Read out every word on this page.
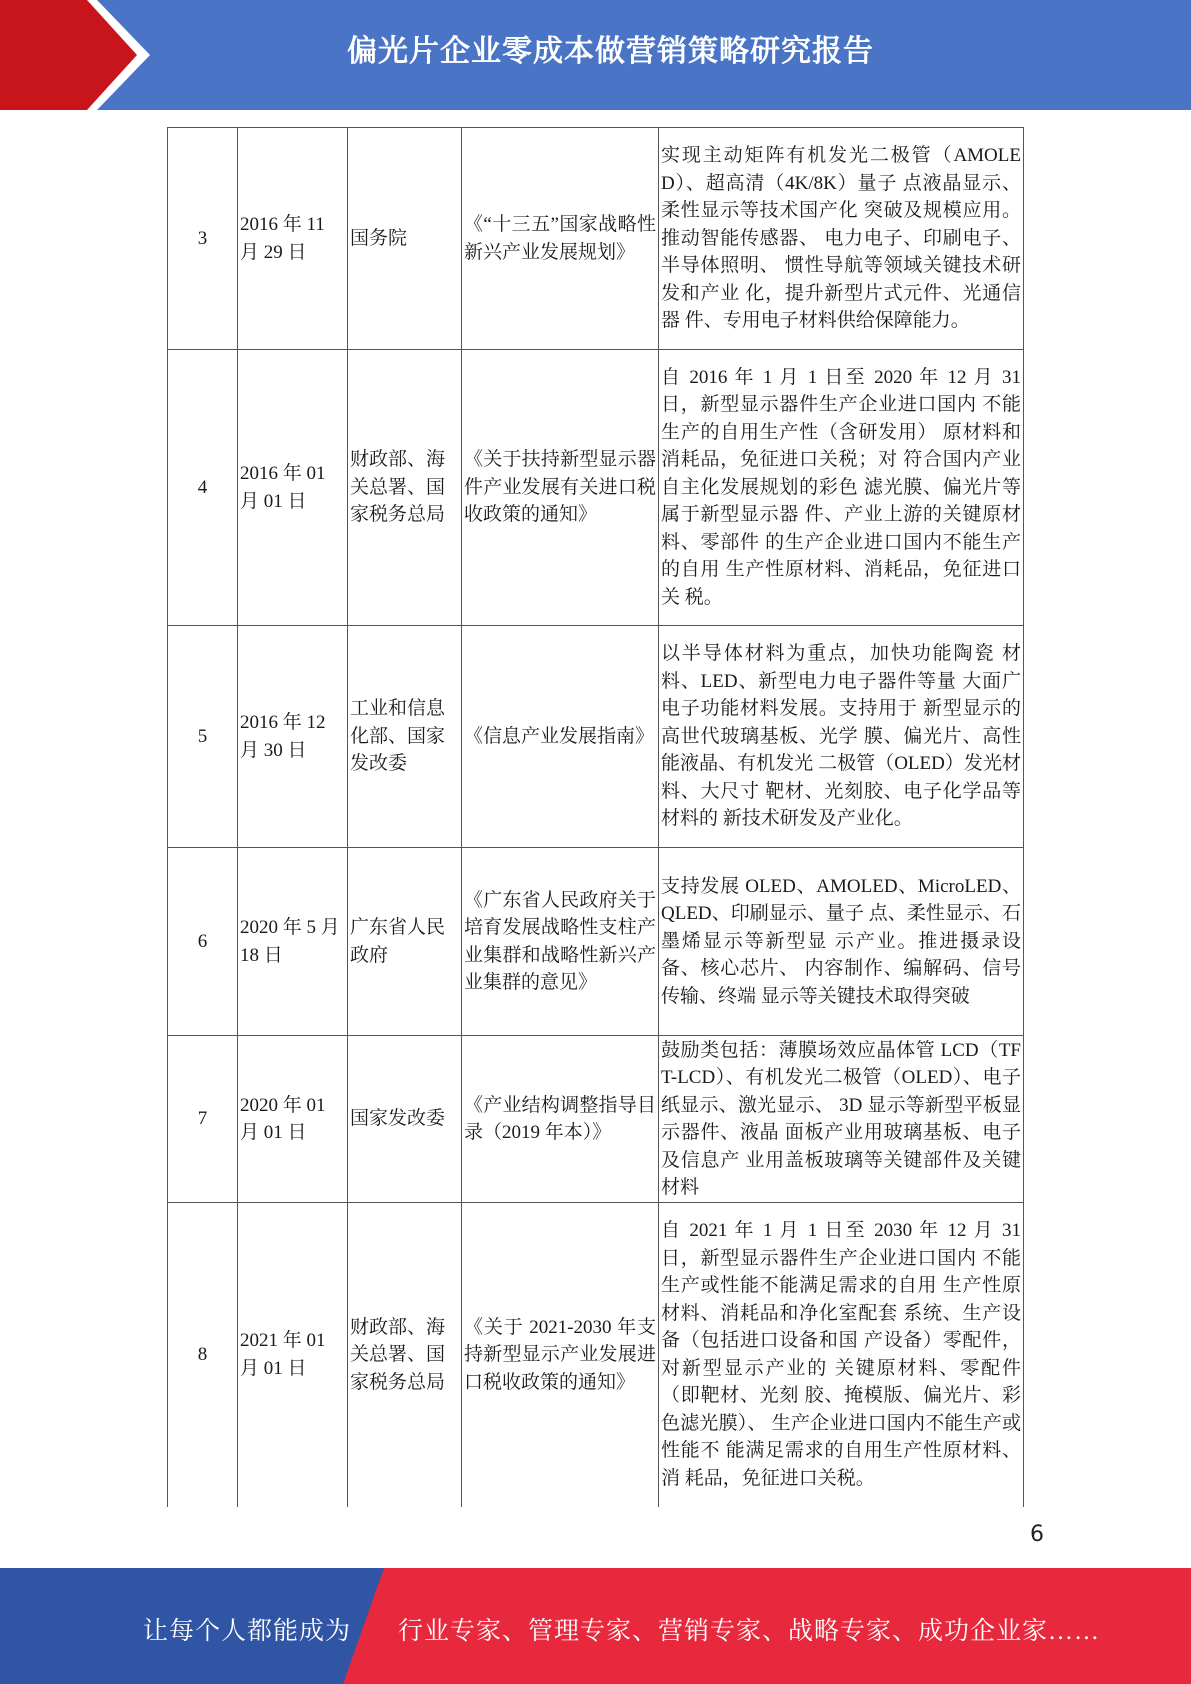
偏光片企业零成本做营销策略研究报告
3	2016 年 11 月 29 日	国务院	《“十三五”国家战略性新兴产业发展规划》	实现主动矩阵有机发光二极管（AMOLED）、超高清（4K/8K）量子 点液晶显示、柔性显示等技术国产化 突破及规模应用。推动智能传感器、 电力电子、印刷电子、半导体照明、 惯性导航等领域关键技术研发和产业 化，提升新型片式元件、光通信器 件、专用电子材料供给保障能力。
4	2016 年 01 月 01 日	财政部、海关总署、国家税务总局	《关于扶持新型显示器件产业发展有关进口税收政策的通知》	自 2016 年 1 月 1 日至 2020 年 12 月 31 日，新型显示器件生产企业进口国内 不能生产的自用生产性（含研发用） 原材料和消耗品，免征进口关税；对 符合国内产业自主化发展规划的彩色 滤光膜、偏光片等属于新型显示器 件、产业上游的关键原材料、零部件 的生产企业进口国内不能生产的自用 生产性原材料、消耗品，免征进口关 税。
5	2016 年 12 月 30 日	工业和信息化部、国家发改委	《信息产业发展指南》	以半导体材料为重点，加快功能陶瓷 材料、LED、新型电力电子器件等量 大面广电子功能材料发展。支持用于 新型显示的高世代玻璃基板、光学 膜、偏光片、高性能液晶、有机发光 二极管（OLED）发光材料、大尺寸 靶材、光刻胶、电子化学品等材料的 新技术研发及产业化。
6	2020 年 5 月 18 日	广东省人民政府	《广东省人民政府关于培育发展战略性支柱产业集群和战略性新兴产业集群的意见》	支持发展 OLED、AMOLED、MicroLED、QLED、印刷显示、量子 点、柔性显示、石墨烯显示等新型显 示产业。推进摄录设备、核心芯片、 内容制作、编解码、信号传输、终端 显示等关键技术取得突破
7	2020 年 01 月 01 日	国家发改委	《产业结构调整指导目录（2019 年本）》	鼓励类包括：薄膜场效应晶体管 LCD（TFT-LCD）、有机发光二极管（OLED）、电子纸显示、激光显示、 3D 显示等新型平板显示器件、液晶 面板产业用玻璃基板、电子及信息产 业用盖板玻璃等关键部件及关键材料
8	2021 年 01 月 01 日	财政部、海关总署、国家税务总局	《关于 2021-2030 年支持新型显示产业发展进口税收政策的通知》	自 2021 年 1 月 1 日至 2030 年 12 月 31 日，新型显示器件生产企业进口国内 不能生产或性能不能满足需求的自用 生产性原材料、消耗品和净化室配套 系统、生产设备（包括进口设备和国 产设备）零配件，对新型显示产业的 关键原材料、零配件（即靶材、光刻 胶、掩模版、偏光片、彩色滤光膜）、 生产企业进口国内不能生产或性能不 能满足需求的自用生产性原材料、消 耗品，免征进口关税。
6
让每个人都能成为 行业专家、管理专家、营销专家、战略专家、成功企业家……
